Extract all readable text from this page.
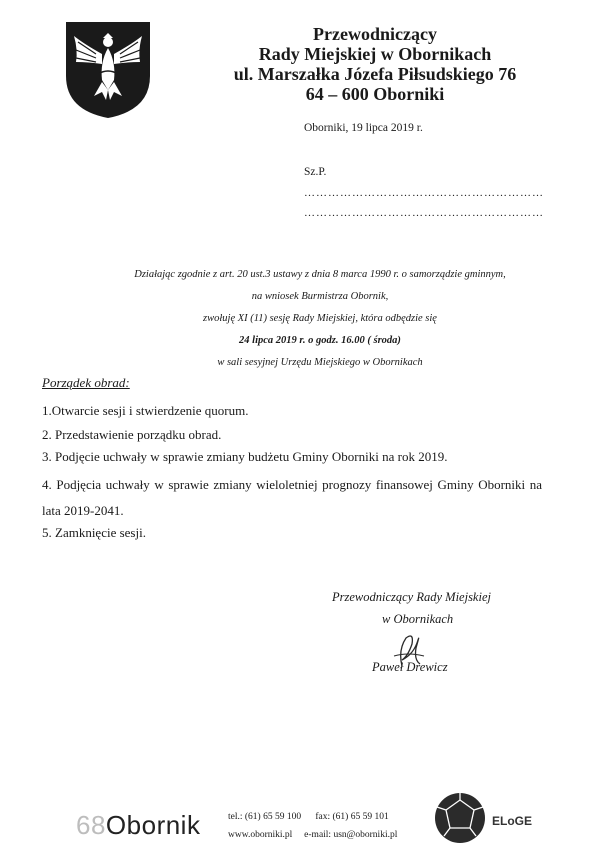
Przewodniczący
Rady Miejskiej w Obornikach
ul. Marszałka Józefa Piłsudskiego 76
64 – 600 Oborniki
Oborniki, 19 lipca 2019 r.
Sz.P.
……………………………………………………
……………………………………………………
Działając zgodnie z art. 20 ust.3 ustawy z dnia 8 marca 1990 r. o samorządzie gminnym,
na wniosek Burmistrza Obornik,
zwołuję XI (11) sesję Rady Miejskiej, która odbędzie się
24 lipca 2019 r. o godz. 16.00 ( środa)
w sali sesyjnej Urzędu Miejskiego w Obornikach
Porządek obrad:
1.Otwarcie sesji i stwierdzenie quorum.
2. Przedstawienie porządku obrad.
3. Podjęcie uchwały w sprawie zmiany budżetu Gminy Oborniki na rok 2019.
4. Podjęcia uchwały w sprawie zmiany wieloletniej prognozy finansowej Gminy Oborniki na lata 2019-2041.
5. Zamknięcie sesji.
Przewodniczący Rady Miejskiej
w Obornikach
Paweł Drewicz
68Obornik	tel.: (61) 65 59 100 fax: (61) 65 59 101
www.oborniki.pl e-mail: usn@oborniki.pl
ELoGE
